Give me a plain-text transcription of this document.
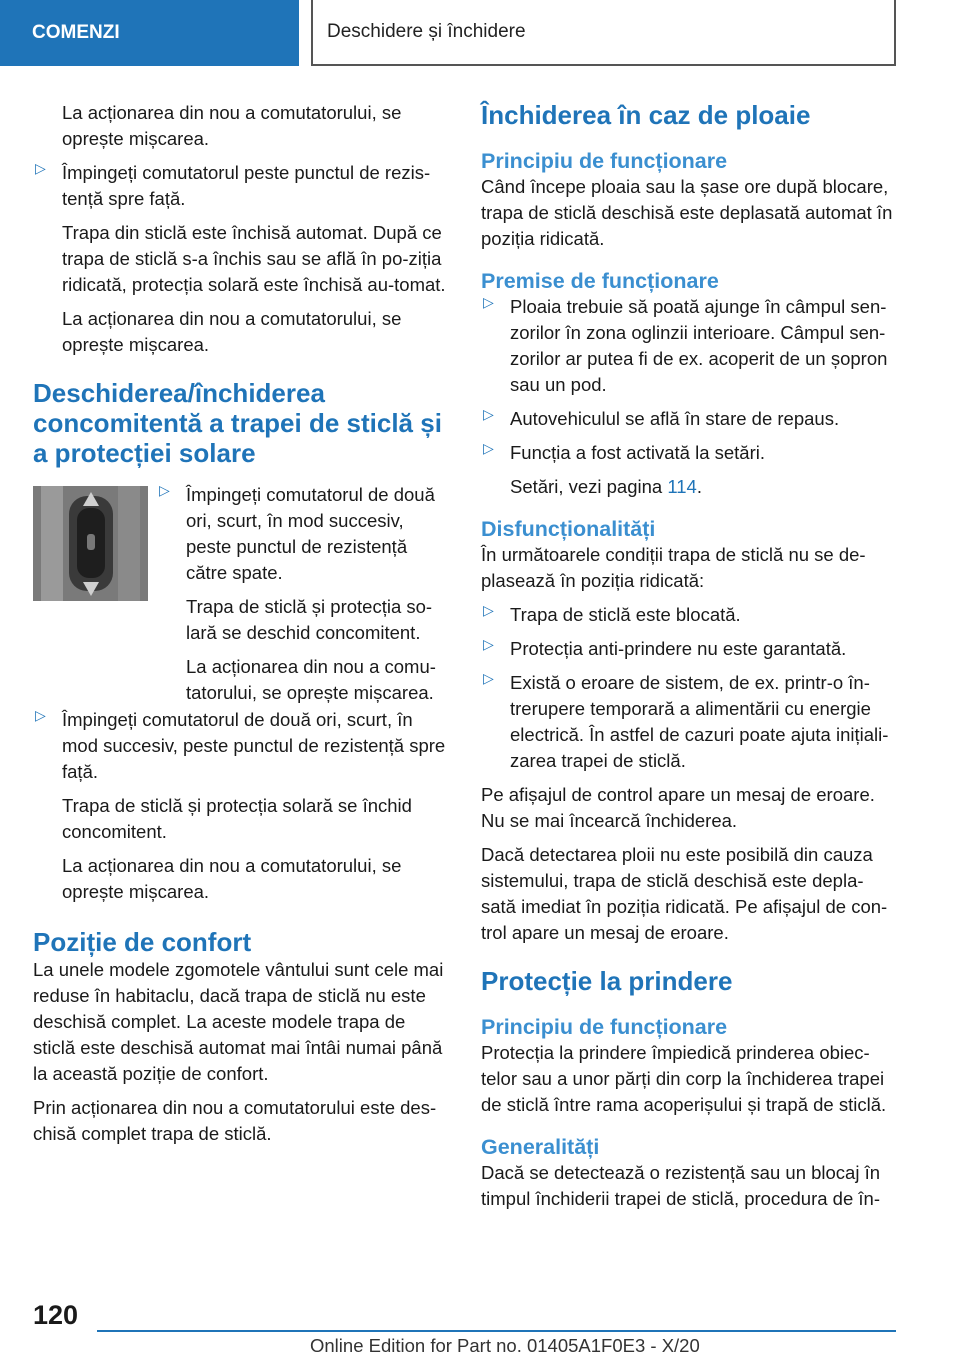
COMENZI	Deschidere și închidere

La acționarea din nou a comutatorului, se oprește mișcarea.

▷ Împingeți comutatorul peste punctul de rezis-tență spre față.

Trapa din sticlă este închisă automat. După ce trapa de sticlă s-a închis sau se află în po-ziția ridicată, protecția solară este închisă au-tomat.

La acționarea din nou a comutatorului, se oprește mișcarea.

Deschiderea/închiderea concomitentă a trapei de sticlă și a protecției solare
▷ Împingeți comutatorul de două ori, scurt, în mod succesiv, peste punctul de rezistență către spate.

Trapa de sticlă și protecția so-lară se deschid concomitent.

La acționarea din nou a comu-tatorului, se oprește mișcarea.

▷ Împingeți comutatorul de două ori, scurt, în mod succesiv, peste punctul de rezistență spre față.

Trapa de sticlă și protecția solară se închid concomitent.

La acționarea din nou a comutatorului, se oprește mișcarea.

Poziție de confort

La unele modele zgomotele vântului sunt cele mai reduse în habitaclu, dacă trapa de sticlă nu este deschisă complet. La aceste modele trapa de sticlă este deschisă automat mai întâi numai până la această poziție de confort.

Prin acționarea din nou a comutatorului este des-chisă complet trapa de sticlă.

Închiderea în caz de ploaie
Principiu de funcționare

Când începe ploaia sau la șase ore după blocare, trapa de sticlă deschisă este deplasată automat în poziția ridicată.

Premise de funcționare
▷ Ploaia trebuie să poată ajunge în câmpul sen-zorilor în zona oglinzii interioare. Câmpul sen-zorilor ar putea fi de ex. acoperit de un șopron sau un pod.

▷ Autovehiculul se află în stare de repaus.

▷ Funcția a fost activată la setări.

Setări, vezi pagina 114.

Disfuncționalități

În următoarele condiții trapa de sticlă nu se de-plasează în poziția ridicată:

▷ Trapa de sticlă este blocată.

▷ Protecția anti-prindere nu este garantată.

▷ Există o eroare de sistem, de ex. printr-o în-trerupere temporară a alimentării cu energie electrică. În astfel de cazuri poate ajuta inițiali-zarea trapei de sticlă.

Pe afișajul de control apare un mesaj de eroare. Nu se mai încearcă închiderea.

Dacă detectarea ploii nu este posibilă din cauza sistemului, trapa de sticlă deschisă este depla-sată imediat în poziția ridicată. Pe afișajul de con-trol apare un mesaj de eroare.

Protecție la prindere
Principiu de funcționare

Protecția la prindere împiedică prinderea obiec-telor sau a unor părți din corp la închiderea trapei de sticlă între rama acoperișului și trapă de sticlă.

Generalități

Dacă se detectează o rezistență sau un blocaj în timpul închiderii trapei de sticlă, procedura de în-

120
Online Edition for Part no. 01405A1F0E3 - X/20
